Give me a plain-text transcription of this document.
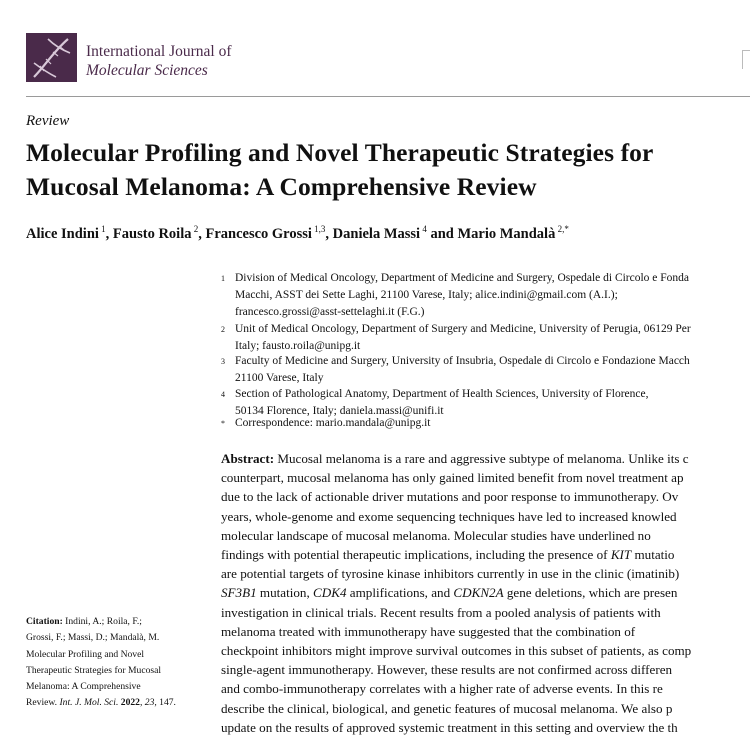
International Journal of
Molecular Sciences
Review
Molecular Profiling and Novel Therapeutic Strategies for
Mucosal Melanoma: A Comprehensive Review
Alice Indini $^1$, Fausto Roila $^2$, Francesco Grossi $^{1,3}$, Daniela Massi $^4$ and Mario Mandalà $^{2,*}$
1 Division of Medical Oncology, Department of Medicine and Surgery, Ospedale di Circolo e Fonda
Macchi, ASST dei Sette Laghi, 21100 Varese, Italy; alice.indini@gmail.com (A.I.);
francesco.grossi@asst-settelaghi.it (F.G.)
2 Unit of Medical Oncology, Department of Surgery and Medicine, University of Perugia, 06129 Per
Italy; fausto.roila@unipg.it
3 Faculty of Medicine and Surgery, University of Insubria, Ospedale di Circolo e Fondazione Macch
21100 Varese, Italy
4 Section of Pathological Anatomy, Department of Health Sciences, University of Florence,
50134 Florence, Italy; daniela.massi@unifi.it
* Correspondence: mario.mandala@unipg.it
Abstract: Mucosal melanoma is a rare and aggressive subtype of melanoma. Unlike its c
counterpart, mucosal melanoma has only gained limited benefit from novel treatment ap
due to the lack of actionable driver mutations and poor response to immunotherapy. Ov
years, whole-genome and exome sequencing techniques have led to increased knowled
molecular landscape of mucosal melanoma. Molecular studies have underlined no
findings with potential therapeutic implications, including the presence of KIT mutatio
are potential targets of tyrosine kinase inhibitors currently in use in the clinic (imatinib)
SF3B1 mutation, CDK4 amplifications, and CDKN2A gene deletions, which are presen
investigation in clinical trials. Recent results from a pooled analysis of patients with
melanoma treated with immunotherapy have suggested that the combination of
checkpoint inhibitors might improve survival outcomes in this subset of patients, as comp
single-agent immunotherapy. However, these results are not confirmed across differen
and combo-immunotherapy correlates with a higher rate of adverse events. In this re
describe the clinical, biological, and genetic features of mucosal melanoma. We also p
update on the results of approved systemic treatment in this setting and overview the th
Citation: Indini, A.; Roila, F.;
Grossi, F.; Massi, D.; Mandalà, M.
Molecular Profiling and Novel
Therapeutic Strategies for Mucosal
Melanoma: A Comprehensive
Review. Int. J. Mol. Sci. 2022, 23, 147.
